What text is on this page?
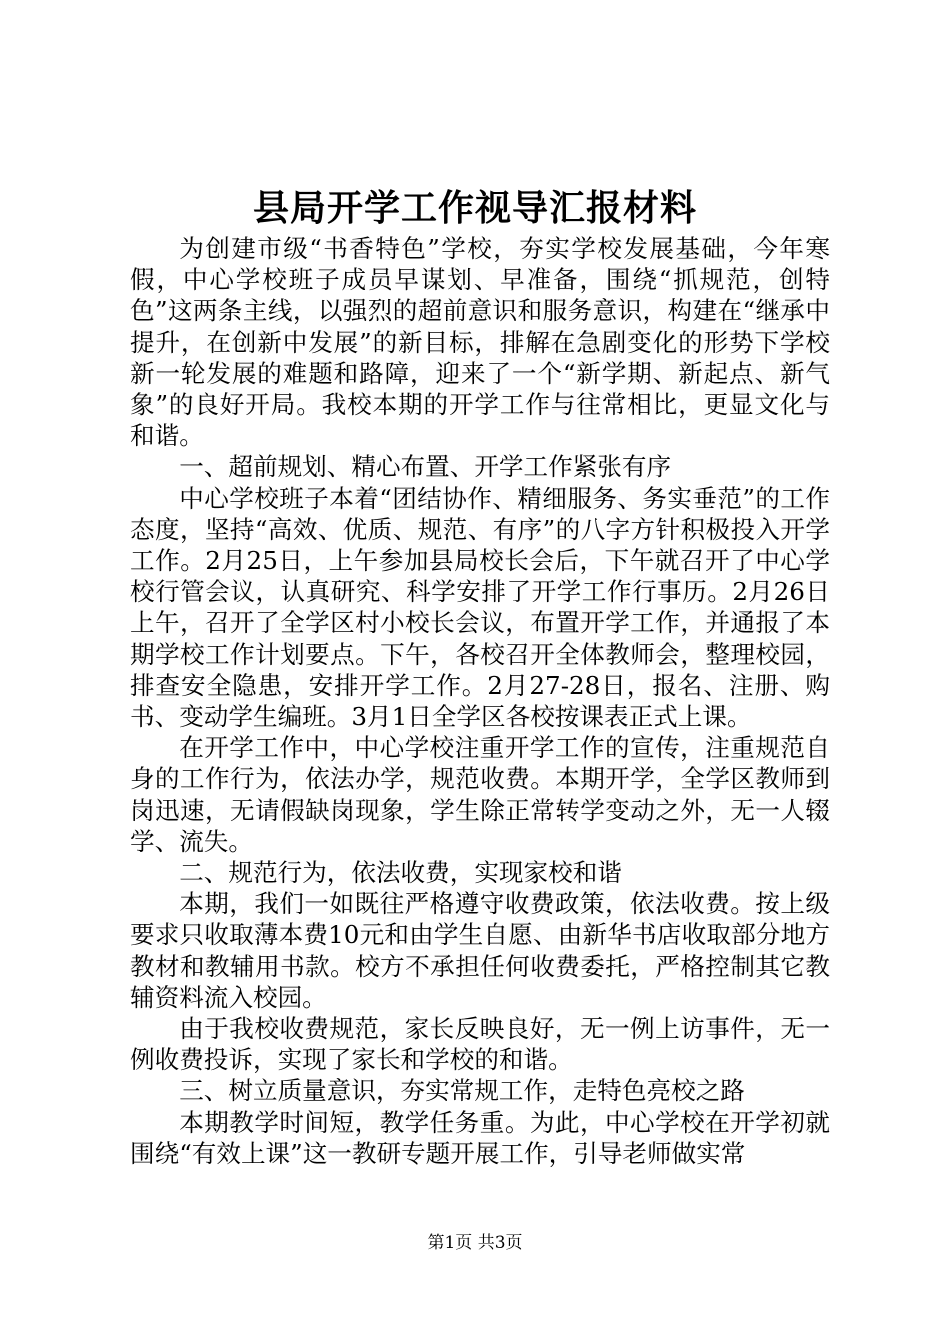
县局开学工作视导汇报材料

为创建市级“书香特色”学校，夯实学校发展基础，今年寒假，中心学校班子成员早谋划、早准备，围绕“抓规范，创特色”这两条主线，以强烈的超前意识和服务意识，构建在“继承中提升，在创新中发展”的新目标，排解在急剧变化的形势下学校新一轮发展的难题和路障，迎来了一个“新学期、新起点、新气象”的良好开局。我校本期的开学工作与往常相比，更显文化与和谐。

一、超前规划、精心布置、开学工作紧张有序

中心学校班子本着“团结协作、精细服务、务实垂范”的工作态度，坚持“高效、优质、规范、有序”的八字方针积极投入开学工作。2月25日，上午参加县局校长会后，下午就召开了中心学校行管会议，认真研究、科学安排了开学工作行事历。2月26日上午，召开了全学区村小校长会议，布置开学工作，并通报了本期学校工作计划要点。下午，各校召开全体教师会，整理校园，排查安全隐患，安排开学工作。2月27-28日，报名、注册、购书、变动学生编班。3月1日全学区各校按课表正式上课。

在开学工作中，中心学校注重开学工作的宣传，注重规范自身的工作行为，依法办学，规范收费。本期开学，全学区教师到岗迅速，无请假缺岗现象，学生除正常转学变动之外，无一人辍学、流失。

二、规范行为，依法收费，实现家校和谐

本期，我们一如既往严格遵守收费政策，依法收费。按上级要求只收取薄本费10元和由学生自愿、由新华书店收取部分地方教材和教辅用书款。校方不承担任何收费委托，严格控制其它教辅资料流入校园。

由于我校收费规范，家长反映良好，无一例上访事件，无一例收费投诉，实现了家长和学校的和谐。

三、树立质量意识，夯实常规工作，走特色亮校之路

本期教学时间短，教学任务重。为此，中心学校在开学初就围绕“有效上课”这一教研专题开展工作，引导老师做实常

第1页 共3页
